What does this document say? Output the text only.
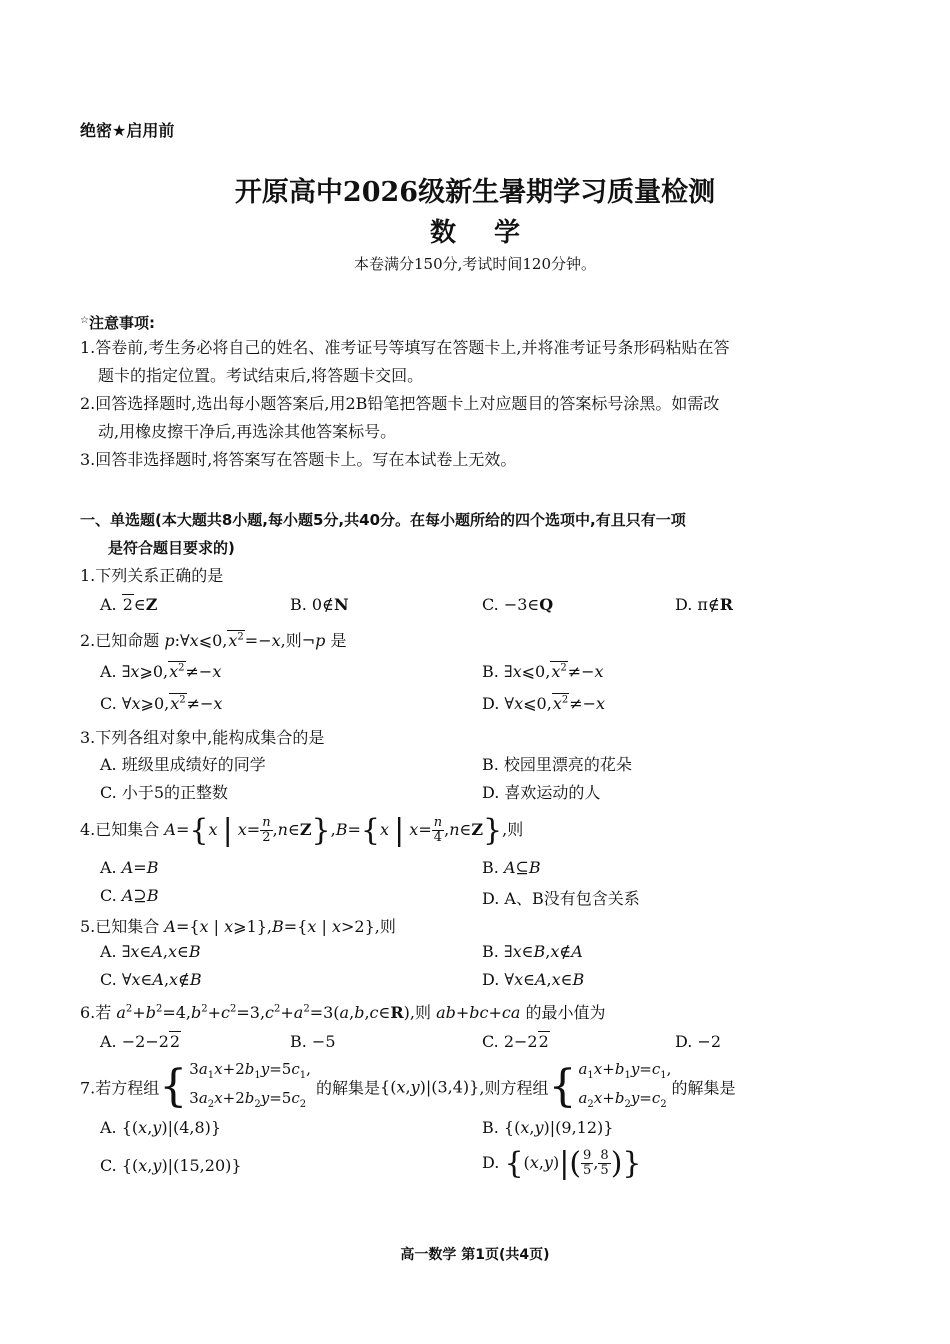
绝密★启用前
开原高中2026级新生暑期学习质量检测
数学
本卷满分150分,考试时间120分钟。
☆注意事项:
1.答卷前,考生务必将自己的姓名、准考证号等填写在答题卡上,并将准考证号条形码粘贴在答
题卡的指定位置。考试结束后,将答题卡交回。
2.回答选择题时,选出每小题答案后,用2B铅笔把答题卡上对应题目的答案标号涂黑。如需改
动,用橡皮擦干净后,再选涂其他答案标号。
3.回答非选择题时,将答案写在答题卡上。写在本试卷上无效。
一、单选题(本大题共8小题,每小题5分,共40分。在每小题所给的四个选项中,有且只有一项
是符合题目要求的)
1.下列关系正确的是
A. 2∈Z	B. 0∉N	C. −3∈Q	D. π∉R
2.已知命题 $p:\forall x⩽0,x^2=-x$,则¬p 是
A. $\exists x⩾0,x^2\ne-x$	B. $\exists x⩽0,x^2\ne-x$
C. $\forall x⩾0,x^2\ne-x$	D. $\forall x⩽0,x^2\ne-x$
3.下列各组对象中,能构成集合的是
A. 班级里成绩好的同学	B. 校园里漂亮的花朵
C. 小于5的正整数	D. 喜欢运动的人
4.已知集合 A={x | $x= \frac{n}{2}$ ,n∈Z},B={x | $x= \frac{n}{4}$ ,n∈Z},则
A. A=B	B. A⊆B
C. A⊇B	D. A、B没有包含关系
5.已知集合 A={x | x⩾1},B={x | x>2},则
A. ∃x∈A,x∈B	B. ∃x∈B,x∉A
C. ∀x∈A,x∉B	D. ∀x∈A,x∈B
6.若 $a^2+b^2=4,b^2+c^2=3,c^2+a^2=3(a,b,c\in R)$,则 ab+bc+ca 的最小值为
A. −2−22	B. −5	C. 2−22	D. −2
7.若方程组{ $3a_1x+2b_1y=5c_1$,
$3a_2x+2b_2y=5c_2$
的解集是{(x,y)|(3,4)},则方程组{ $a_1x+b_1y=c_1$,
$a_2x+b_2y=c_2$
的解集是
A. {(x,y)|(4,8)}	B. {(x,y)|(9,12)}
C. {(x,y)|(15,20)}	D. {$(x,y)|( \frac{9}{5}$ , $\frac{8}{5}$ )}
高一数学 第1页(共4页)
